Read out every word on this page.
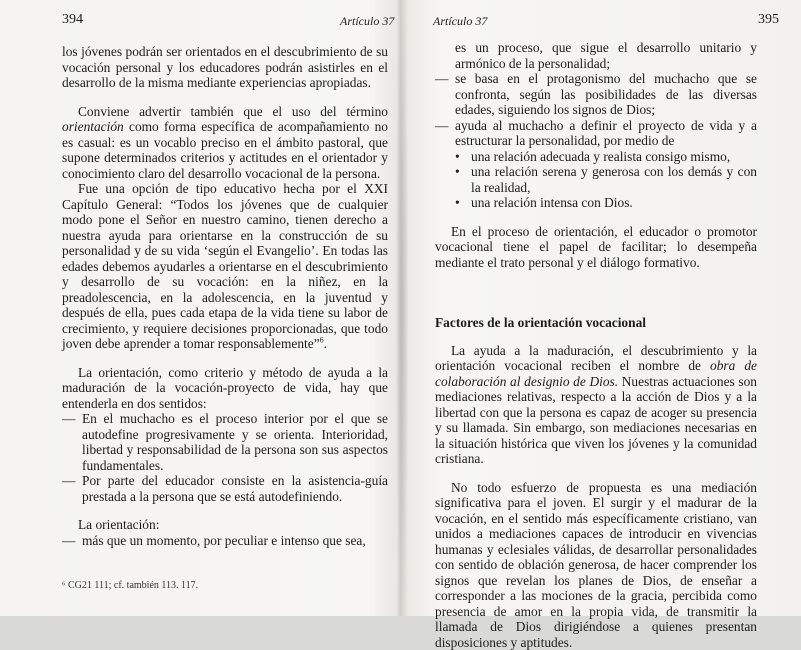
394	Artículo 37

los jóvenes podrán ser orientados en el descubrimiento de su vocación personal y los educadores podrán asistirles en el desarrollo de la misma mediante experiencias apropiadas.

Conviene advertir también que el uso del término orientación como forma específica de acompañamiento no es casual: es un vocablo preciso en el ámbito pastoral, que supone determinados criterios y actitudes en el orientador y conocimiento claro del desarrollo vocacional de la persona.

Fue una opción de tipo educativo hecha por el XXI Capítulo General: “Todos los jóvenes que de cualquier modo pone el Señor en nuestro camino, tienen derecho a nuestra ayuda para orientarse en la construcción de su personalidad y de su vida ‘según el Evangelio’. En todas las edades debemos ayudarles a orientarse en el descubrimiento y desarrollo de su vocación: en la niñez, en la preadolescencia, en la adolescencia, en la juventud y después de ella, pues cada etapa de la vida tiene su labor de crecimiento, y requiere decisiones proporcionadas, que todo joven debe aprender a tomar responsablemente”$^6$.

La orientación, como criterio y método de ayuda a la maduración de la vocación-proyecto de vida, hay que entenderla en dos sentidos:

— En el muchacho es el proceso interior por el que se autodefine progresivamente y se orienta. Interioridad, libertad y responsabilidad de la persona son sus aspectos fundamentales.
— Por parte del educador consiste en la asistencia-guía prestada a la persona que se está autodefiniendo.

La orientación:

— más que un momento, por peculiar e intenso que sea,
⁶ CG21 111; cf. también 113. 117.
Artículo 37	395
es un proceso, que sigue el desarrollo unitario y armónico de la personalidad;
— se basa en el protagonismo del muchacho que se confronta, según las posibilidades de las diversas edades, siguiendo los signos de Dios;
— ayuda al muchacho a definir el proyecto de vida y a estructurar la personalidad, por medio de
• una relación adecuada y realista consigo mismo,
• una relación serena y generosa con los demás y con la realidad,
• una relación intensa con Dios.

En el proceso de orientación, el educador o promotor vocacional tiene el papel de facilitar; lo desempeña mediante el trato personal y el diálogo formativo.

Factores de la orientación vocacional

La ayuda a la maduración, el descubrimiento y la orientación vocacional reciben el nombre de obra de colaboración al designio de Dios. Nuestras actuaciones son mediaciones relativas, respecto a la acción de Dios y a la libertad con que la persona es capaz de acoger su presencia y su llamada. Sin embargo, son mediaciones necesarias en la situación histórica que viven los jóvenes y la comunidad cristiana.

No todo esfuerzo de propuesta es una mediación significativa para el joven. El surgir y el madurar de la vocación, en el sentido más específicamente cristiano, van unidos a mediaciones capaces de introducir en vivencias humanas y eclesiales válidas, de desarrollar personalidades con sentido de oblación generosa, de hacer comprender los signos que revelan los planes de Dios, de enseñar a corresponder a las mociones de la gracia, percibida como presencia de amor en la propia vida, de transmitir la llamada de Dios dirigiéndose a quienes presentan disposiciones y aptitudes.
